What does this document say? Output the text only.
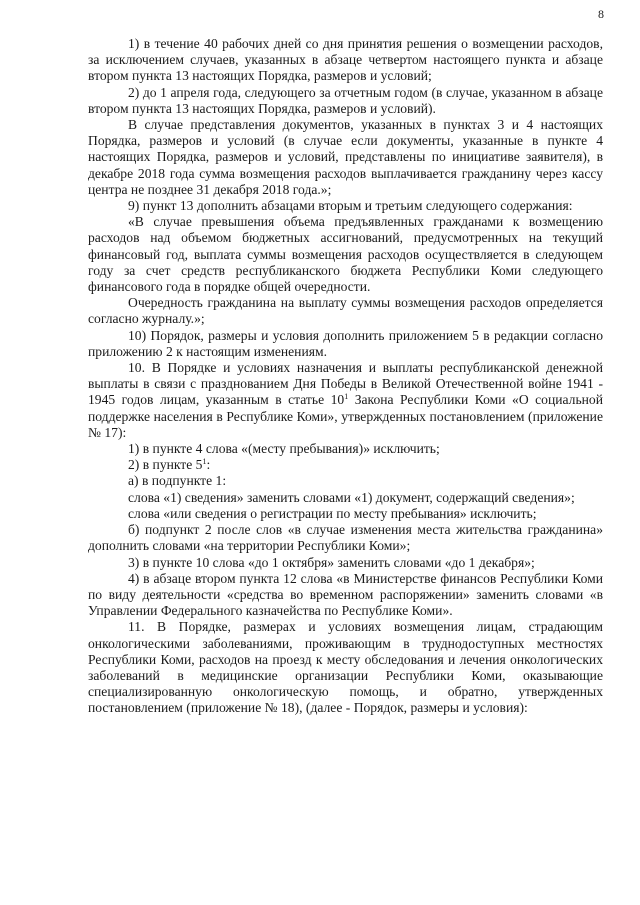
8

1) в течение 40 рабочих дней со дня принятия решения о возмещении расходов, за исключением случаев, указанных в абзаце четвертом настоящего пункта и абзаце втором пункта 13 настоящих Порядка, размеров и условий;

2) до 1 апреля года, следующего за отчетным годом (в случае, указанном в абзаце втором пункта 13 настоящих Порядка, размеров и условий).

В случае представления документов, указанных в пунктах 3 и 4 настоящих Порядка, размеров и условий (в случае если документы, указанные в пункте 4 настоящих Порядка, размеров и условий, представлены по инициативе заявителя), в декабре 2018 года сумма возмещения расходов выплачивается гражданину через кассу центра не позднее 31 декабря 2018 года.»;

9) пункт 13 дополнить абзацами вторым и третьим следующего содержания:

«В случае превышения объема предъявленных гражданами к возмещению расходов над объемом бюджетных ассигнований, предусмотренных на текущий финансовый год, выплата суммы возмещения расходов осуществляется в следующем году за счет средств республиканского бюджета Республики Коми следующего финансового года в порядке общей очередности.

Очередность гражданина на выплату суммы возмещения расходов определяется согласно журналу.»;

10) Порядок, размеры и условия дополнить приложением 5 в редакции согласно приложению 2 к настоящим изменениям.

10. В Порядке и условиях назначения и выплаты республиканской денежной выплаты в связи с празднованием Дня Победы в Великой Отечественной войне 1941 - 1945 годов лицам, указанным в статье $10^1$ Закона Республики Коми «О социальной поддержке населения в Республике Коми», утвержденных постановлением (приложение № 17):

1) в пункте 4 слова «(месту пребывания)» исключить;

2) в пункте $5^1$:

а) в подпункте 1:

слова «1) сведения» заменить словами «1) документ, содержащий сведения»;

слова «или сведения о регистрации по месту пребывания» исключить;

б) подпункт 2 после слов «в случае изменения места жительства гражданина» дополнить словами «на территории Республики Коми»;

3) в пункте 10 слова «до 1 октября» заменить словами «до 1 декабря»;

4) в абзаце втором пункта 12 слова «в Министерстве финансов Республики Коми по виду деятельности «средства во временном распоряжении» заменить словами «в Управлении Федерального казначейства по Республике Коми».

11. В Порядке, размерах и условиях возмещения лицам, страдающим онкологическими заболеваниями, проживающим в труднодоступных местностях Республики Коми, расходов на проезд к месту обследования и лечения онкологических заболеваний в медицинские организации Республики Коми, оказывающие специализированную онкологическую помощь, и обратно, утвержденных постановлением (приложение № 18), (далее - Порядок, размеры и условия):
